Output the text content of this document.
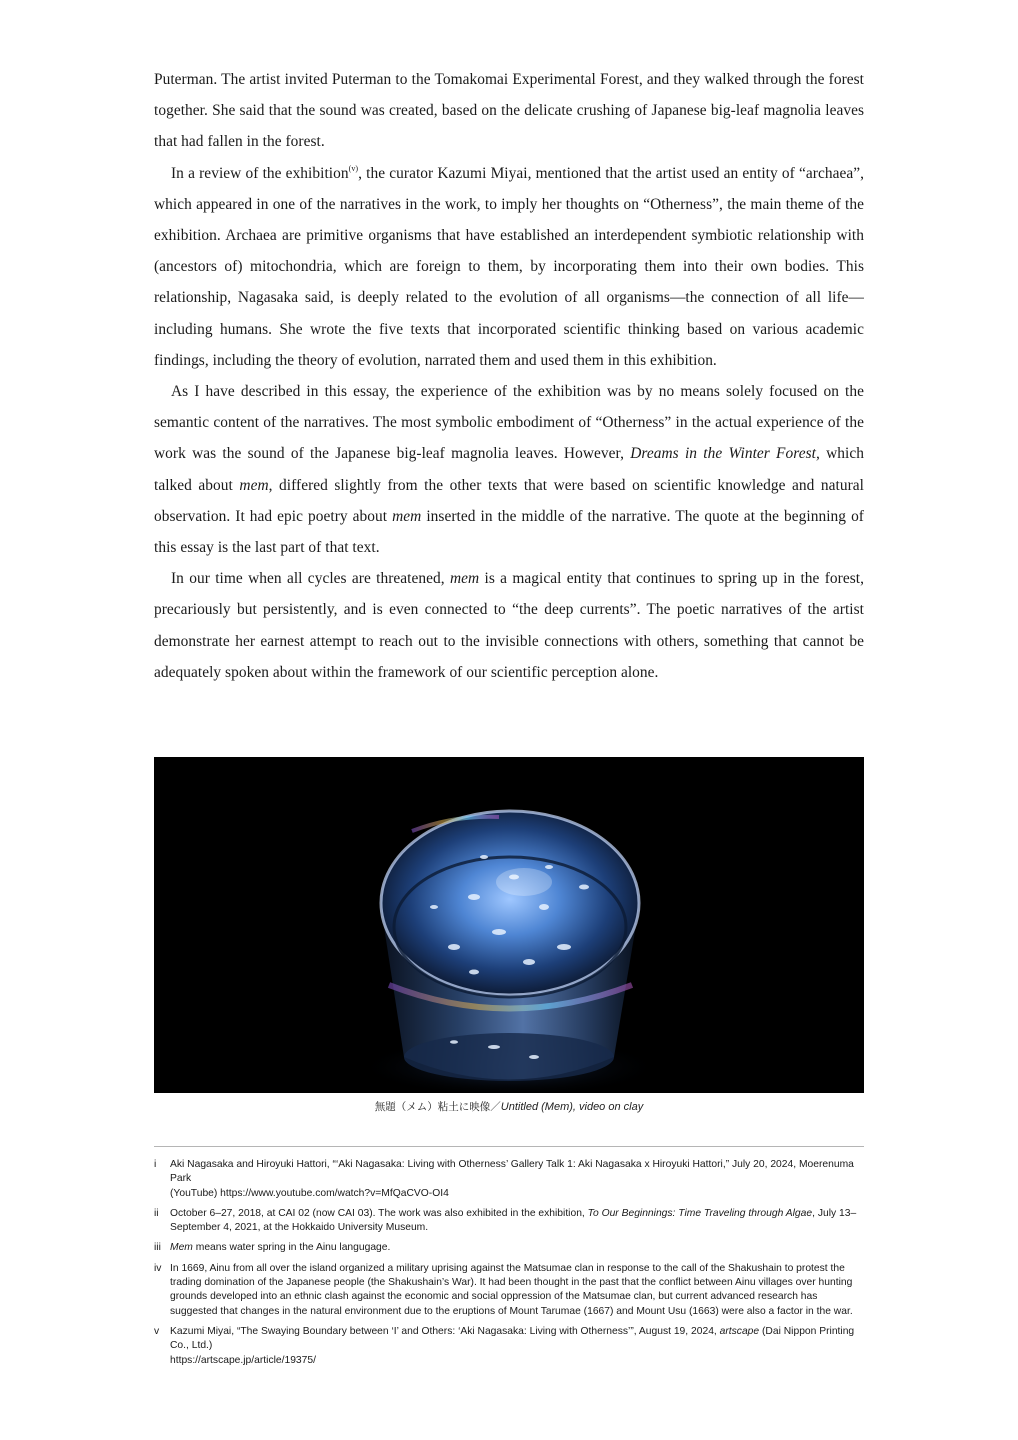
Puterman. The artist invited Puterman to the Tomakomai Experimental Forest, and they walked through the forest together. She said that the sound was created, based on the delicate crushing of Japanese big-leaf magnolia leaves that had fallen in the forest.

In a review of the exhibition$^{(v)}$, the curator Kazumi Miyai, mentioned that the artist used an entity of “archaea”, which appeared in one of the narratives in the work, to imply her thoughts on “Otherness”, the main theme of the exhibition. Archaea are primitive organisms that have established an interdependent symbiotic relationship with (ancestors of) mitochondria, which are foreign to them, by incorporating them into their own bodies. This relationship, Nagasaka said, is deeply related to the evolution of all organisms—the connection of all life—including humans. She wrote the five texts that incorporated scientific thinking based on various academic findings, including the theory of evolution, narrated them and used them in this exhibition.

As I have described in this essay, the experience of the exhibition was by no means solely focused on the semantic content of the narratives. The most symbolic embodiment of “Otherness” in the actual experience of the work was the sound of the Japanese big-leaf magnolia leaves. However, Dreams in the Winter Forest, which talked about mem, differed slightly from the other texts that were based on scientific knowledge and natural observation. It had epic poetry about mem inserted in the middle of the narrative. The quote at the beginning of this essay is the last part of that text.

In our time when all cycles are threatened, mem is a magical entity that continues to spring up in the forest, precariously but persistently, and is even connected to “the deep currents”. The poetic narratives of the artist demonstrate her earnest attempt to reach out to the invisible connections with others, something that cannot be adequately spoken about within the framework of our scientific perception alone.

無題（メム）粘土に映像／Untitled (Mem), video on clay
i	Aki Nagasaka and Hiroyuki Hattori, “‘Aki Nagasaka: Living with Otherness’ Gallery Talk 1: Aki Nagasaka x Hiroyuki Hattori,” July 20, 2024, Moerenuma Park
(YouTube) https://www.youtube.com/watch?v=MfQaCVO-OI4
ii	October 6–27, 2018, at CAI 02 (now CAI 03). The work was also exhibited in the exhibition, To Our Beginnings: Time Traveling through Algae, July 13–September 4, 2021, at the Hokkaido University Museum.
iii Mem means water spring in the Ainu langugage.
iv In 1669, Ainu from all over the island organized a military uprising against the Matsumae clan in response to the call of the Shakushain to protest the trading domination of the Japanese people (the Shakushain’s War). It had been thought in the past that the conflict between Ainu villages over hunting grounds developed into an ethnic clash against the economic and social oppression of the Matsumae clan, but current advanced research has suggested that changes in the natural environment due to the eruptions of Mount Tarumae (1667) and Mount Usu (1663) were also a factor in the war.
v	Kazumi Miyai, “The Swaying Boundary between ‘I’ and Others: ‘Aki Nagasaka: Living with Otherness’”, August 19, 2024, artscape (Dai Nippon Printing Co., Ltd.)
https://artscape.jp/article/19375/
